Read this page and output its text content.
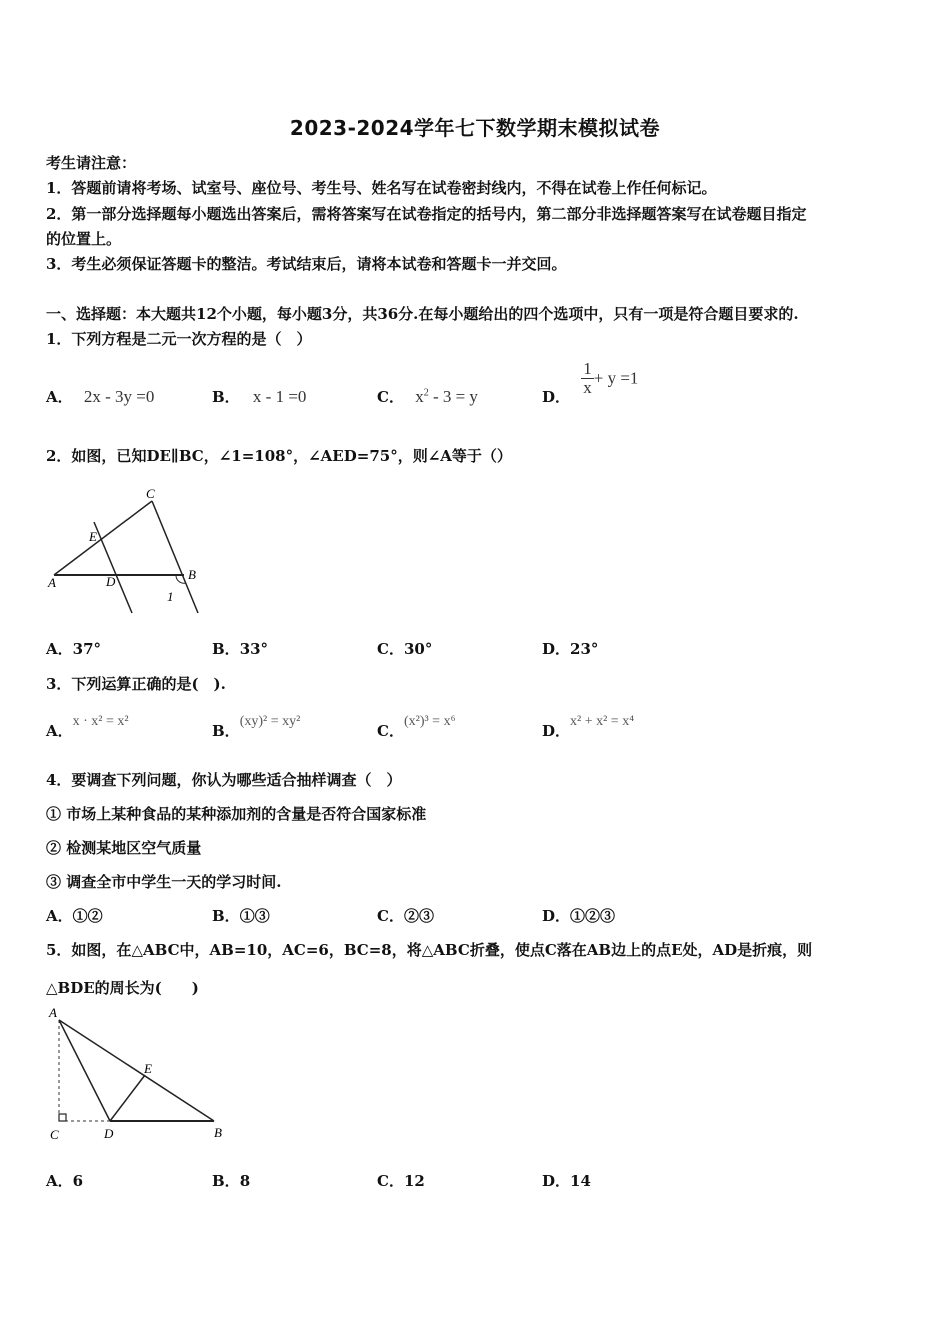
2023-2024学年七下数学期末模拟试卷
考生请注意：
1．答题前请将考场、试室号、座位号、考生号、姓名写在试卷密封线内，不得在试卷上作任何标记。
2．第一部分选择题每小题选出答案后，需将答案写在试卷指定的括号内，第二部分非选择题答案写在试卷题目指定
的位置上。
3．考生必须保证答题卡的整洁。考试结束后，请将本试卷和答题卡一并交回。
一、选择题：本大题共12个小题，每小题3分，共36分.在每小题给出的四个选项中，只有一项是符合题目要求的.
1．下列方程是二元一次方程的是（　）
A． 2x - 3y =0	B． x - 1 =0	C． $x^2 - 3 = y$	D． $\frac{1}{x} + y =1$
2．如图，已知DE∥BC，∠1=108°，∠AED=75°，则∠A等于（）
C
E
A	D	B
1
A．37°	B．33°	C．30°	D．23°
3．下列运算正确的是(　).
A．x · x² = x²
B．(xy)² = xy²
C．(x²)³ = x⁶
D．x² + x² = x⁴
4．要调查下列问题，你认为哪些适合抽样调查（　）
① 市场上某种食品的某种添加剂的含量是否符合国家标准
② 检测某地区空气质量
③ 调查全市中学生一天的学习时间.
A．①②	B．①③	C．②③	D．①②③
5．如图，在△ABC中，AB=10，AC=6，BC=8，将△ABC折叠，使点C落在AB边上的点E处，AD是折痕，则
△BDE的周长为(　　)
A
E
C	D	B
A．6	B．8	C．12	D．14
